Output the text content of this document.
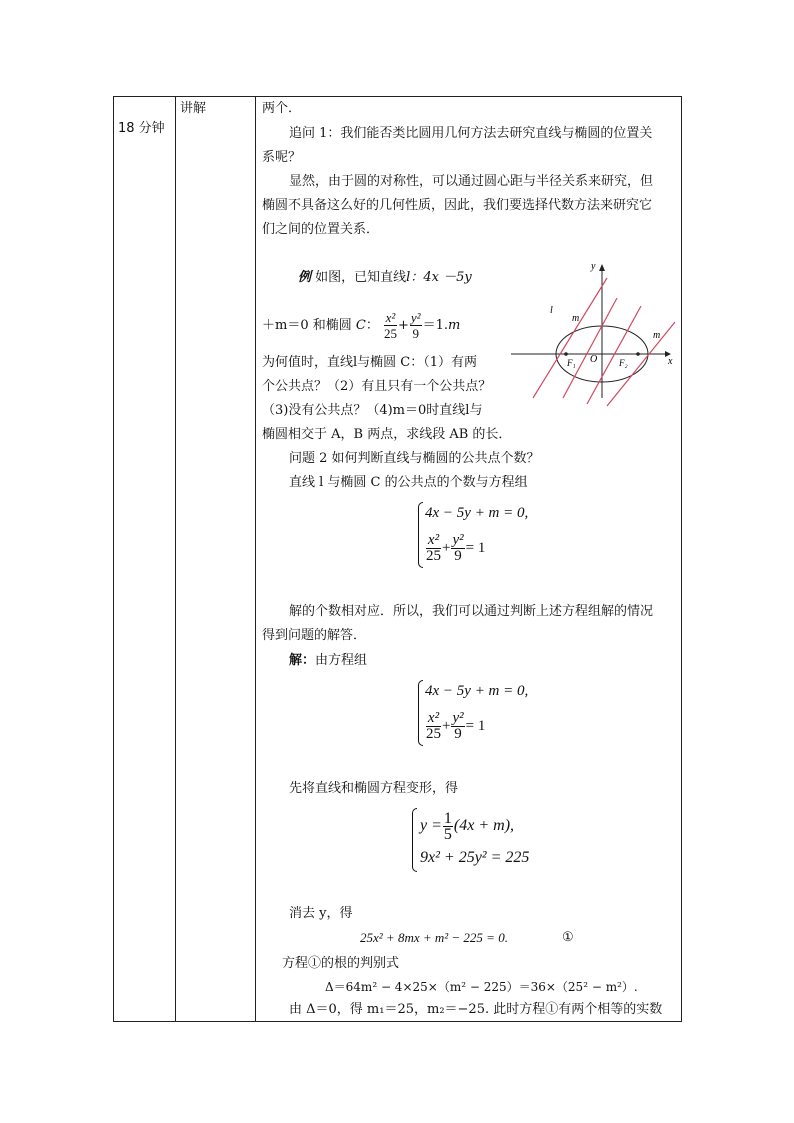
18 分钟
讲解	两个．
追问 1：我们能否类比圆用几何方法去研究直线与椭圆的位置关
系呢？
显然，由于圆的对称性，可以通过圆心距与半径关系来研究，但
椭圆不具备这么好的几何性质，因此，我们要选择代数方法来研究它
们之间的位置关系．
例 如图，已知直线l：4x －5y
＋m＝0 和椭圆 C： $\frac{\text{x²}}{25} + \frac{\text{y²}}{9} =1.m$
为何值时，直线l与椭圆 C：（1）有两
个公共点？（2）有且只有一个公共点？
（3)没有公共点？（4)m＝0时直线l与
椭圆相交于 A，B 两点，求线段 AB 的长．
x
y
l
m
m
F₁ O F₂
问题 2 如何判断直线与椭圆的公共点个数？
直线 l 与椭圆 C 的公共点的个数与方程组
4x − 5y + m = 0,
$\frac{\text{x²}}{25} + \frac{\text{y²}}{9} = 1$
解的个数相对应．所以，我们可以通过判断上述方程组解的情况
得到问题的解答．
解：由方程组
4x − 5y + m = 0,
$\frac{\text{x²}}{25} + \frac{\text{y²}}{9} = 1$
先将直线和椭圆方程变形，得
$y = \frac{1}{5} (4x + m)$,
9x² + 25y² = 225
消去 y，得
25x² + 8mx + m² − 225 = 0.	①
方程①的根的判别式
Δ＝64m² − 4×25×（m² − 225）＝36×（25² − m²）.
由 Δ＝0，得 m₁＝25，m₂＝−25. 此时方程①有两个相等的实数
